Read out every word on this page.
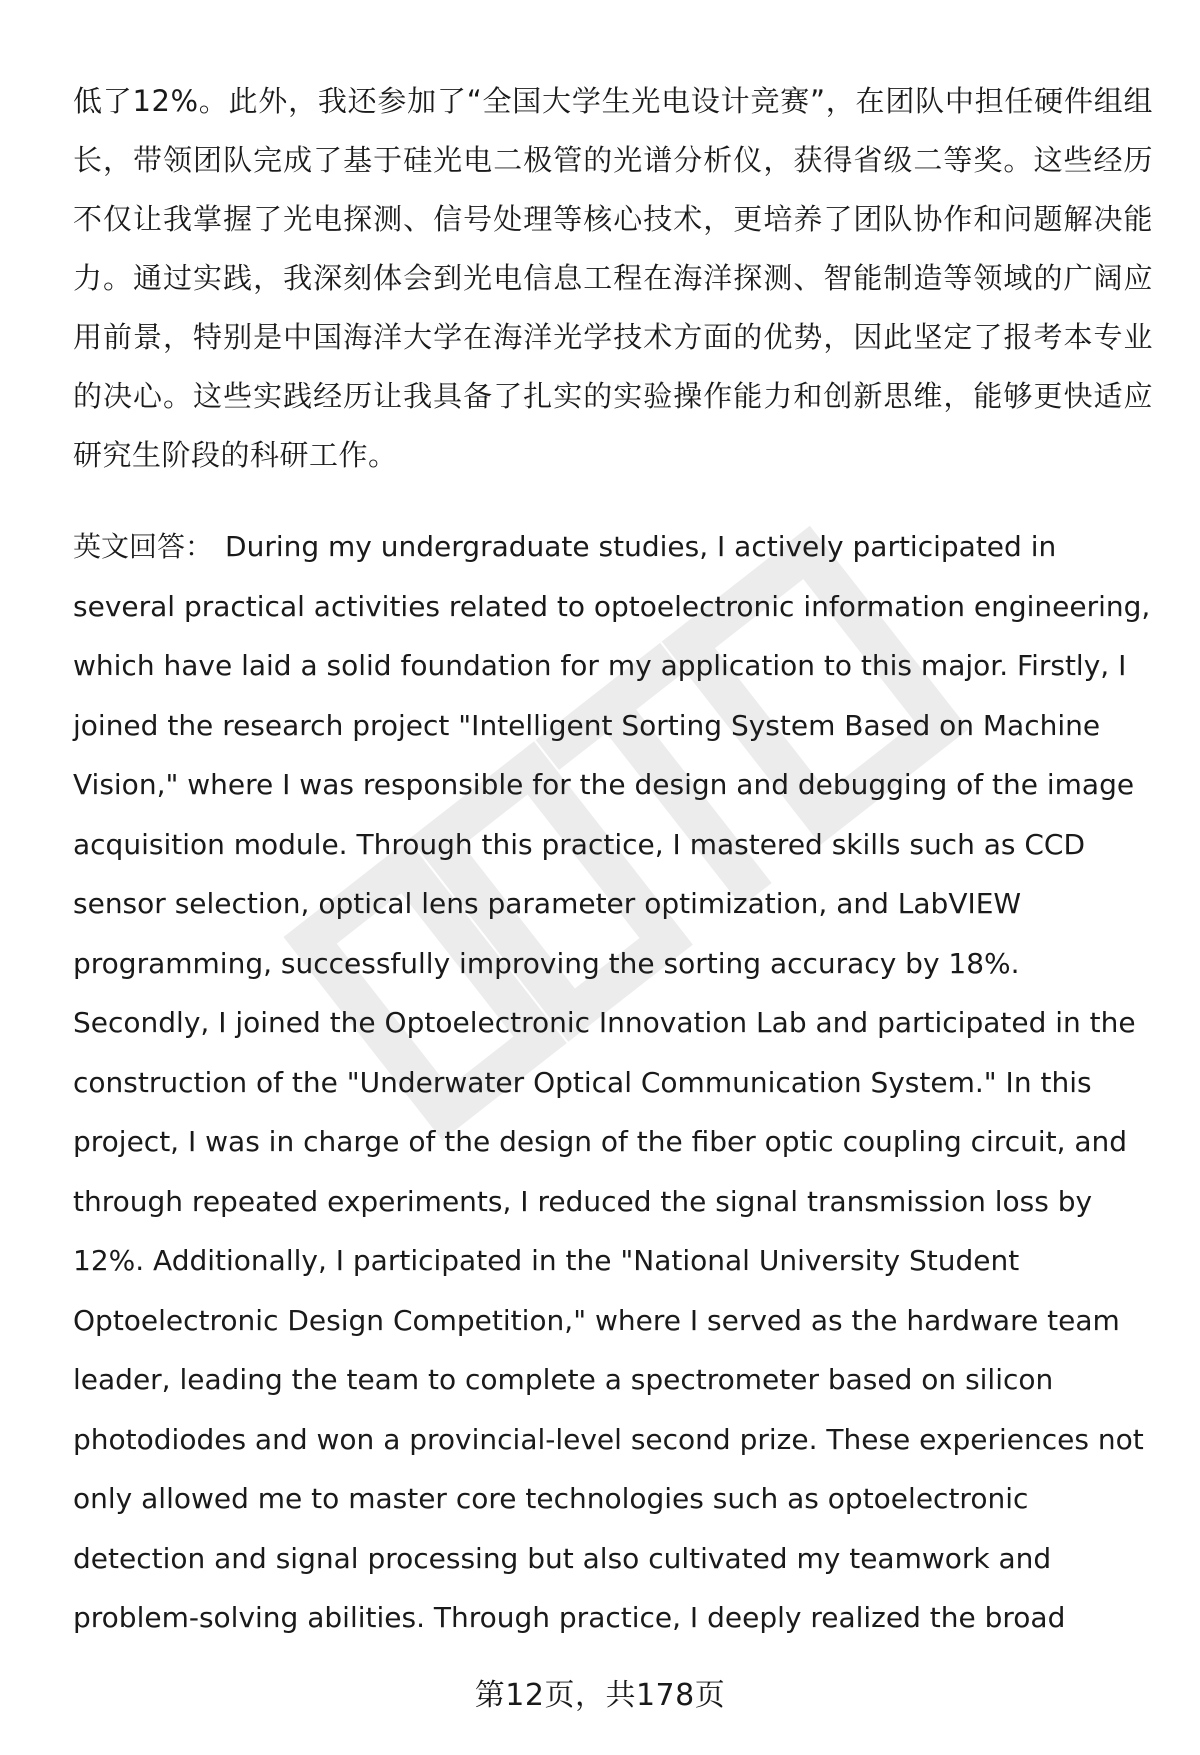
低了12%。此外，我还参加了“全国大学生光电设计竞赛”，在团队中担任硬件组组长，带领团队完成了基于硅光电二极管的光谱分析仪，获得省级二等奖。这些经历不仅让我掌握了光电探测、信号处理等核心技术，更培养了团队协作和问题解决能力。通过实践，我深刻体会到光电信息工程在海洋探测、智能制造等领域的广阔应用前景，特别是中国海洋大学在海洋光学技术方面的优势，因此坚定了报考本专业的决心。这些实践经历让我具备了扎实的实验操作能力和创新思维，能够更快适应研究生阶段的科研工作。

英文回答： During my undergraduate studies, I actively participated in several practical activities related to optoelectronic information engineering, which have laid a solid foundation for my application to this major. Firstly, I joined the research project "Intelligent Sorting System Based on Machine Vision," where I was responsible for the design and debugging of the image acquisition module. Through this practice, I mastered skills such as CCD sensor selection, optical lens parameter optimization, and LabVIEW programming, successfully improving the sorting accuracy by 18%. Secondly, I joined the Optoelectronic Innovation Lab and participated in the construction of the "Underwater Optical Communication System." In this project, I was in charge of the design of the fiber optic coupling circuit, and through repeated experiments, I reduced the signal transmission loss by 12%. Additionally, I participated in the "National University Student Optoelectronic Design Competition," where I served as the hardware team leader, leading the team to complete a spectrometer based on silicon photodiodes and won a provincial-level second prize. These experiences not only allowed me to master core technologies such as optoelectronic detection and signal processing but also cultivated my teamwork and problem-solving abilities. Through practice, I deeply realized the broad

第12页，共178页
